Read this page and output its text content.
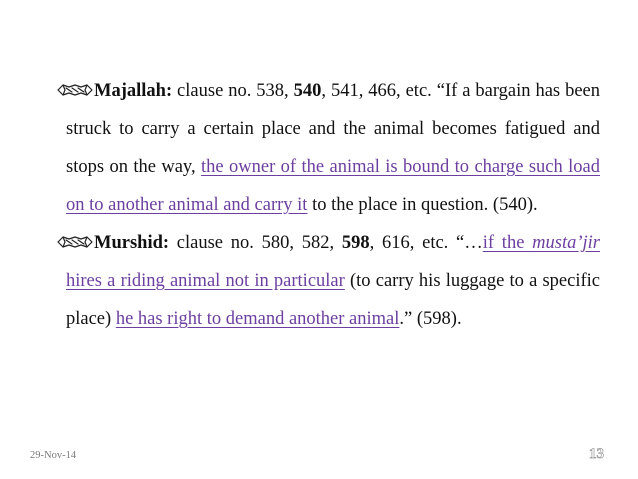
Majallah: clause no. 538, 540, 541, 466, etc. “If a bargain has been struck to carry a certain place and the animal becomes fatigued and stops on the way, the owner of the animal is bound to charge such load on to another animal and carry it to the place in question. (540).

Murshid: clause no. 580, 582, 598, 616, etc. “…if the musta’jir hires a riding animal not in particular (to carry his luggage to a specific place) he has right to demand another animal.” (598).

29-Nov-14	13
